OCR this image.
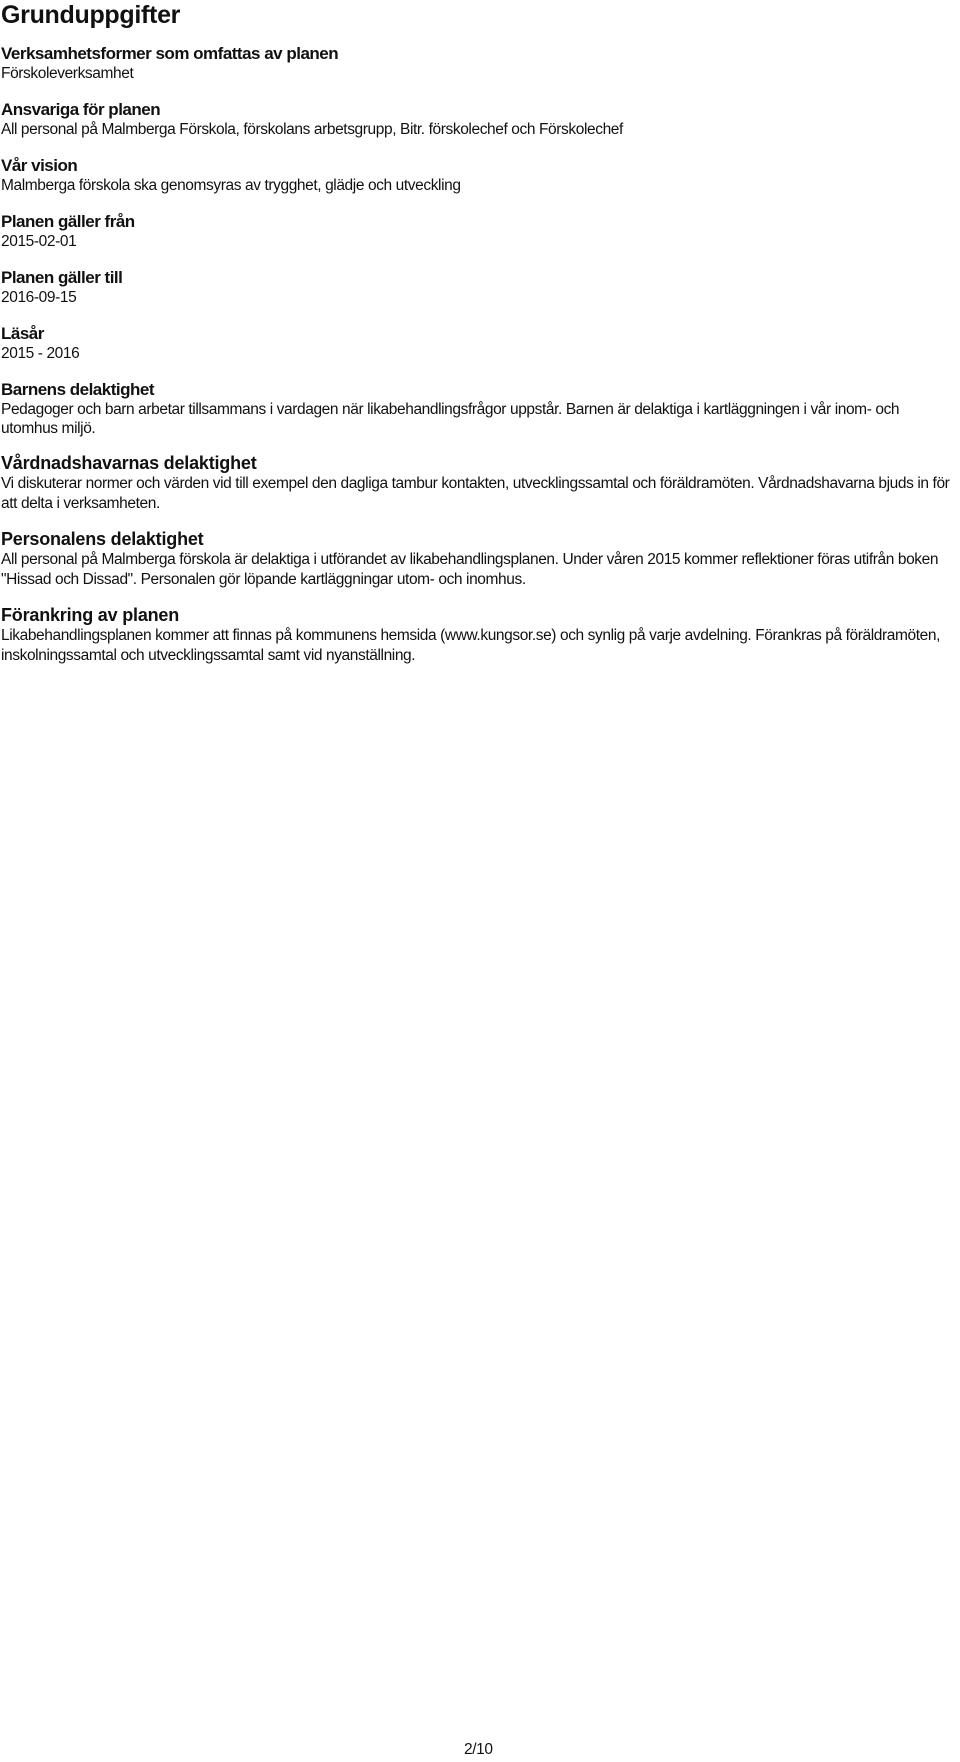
Grunduppgifter
Verksamhetsformer som omfattas av planen
Förskoleverksamhet
Ansvariga för planen
All personal på Malmberga Förskola, förskolans arbetsgrupp, Bitr. förskolechef och Förskolechef
Vår vision
Malmberga förskola ska genomsyras av trygghet, glädje och utveckling
Planen gäller från
2015-02-01
Planen gäller till
2016-09-15
Läsår
2015 - 2016
Barnens delaktighet
Pedagoger och barn arbetar tillsammans i vardagen när likabehandlingsfrågor uppstår. Barnen är delaktiga i kartläggningen i vår inom- och utomhus miljö.
Vårdnadshavarnas delaktighet
Vi diskuterar normer och värden vid till exempel den dagliga tambur kontakten, utvecklingssamtal och föräldramöten. Vårdnadshavarna bjuds in för att delta i verksamheten.
Personalens delaktighet
All personal på Malmberga förskola är delaktiga i utförandet av likabehandlingsplanen. Under våren 2015 kommer reflektioner föras utifrån boken "Hissad och Dissad". Personalen gör löpande kartläggningar utom- och inomhus.
Förankring av planen
Likabehandlingsplanen kommer att finnas på kommunens hemsida (www.kungsor.se) och synlig på varje avdelning. Förankras på föräldramöten, inskolningssamtal och utvecklingssamtal samt vid nyanställning.
2/10
